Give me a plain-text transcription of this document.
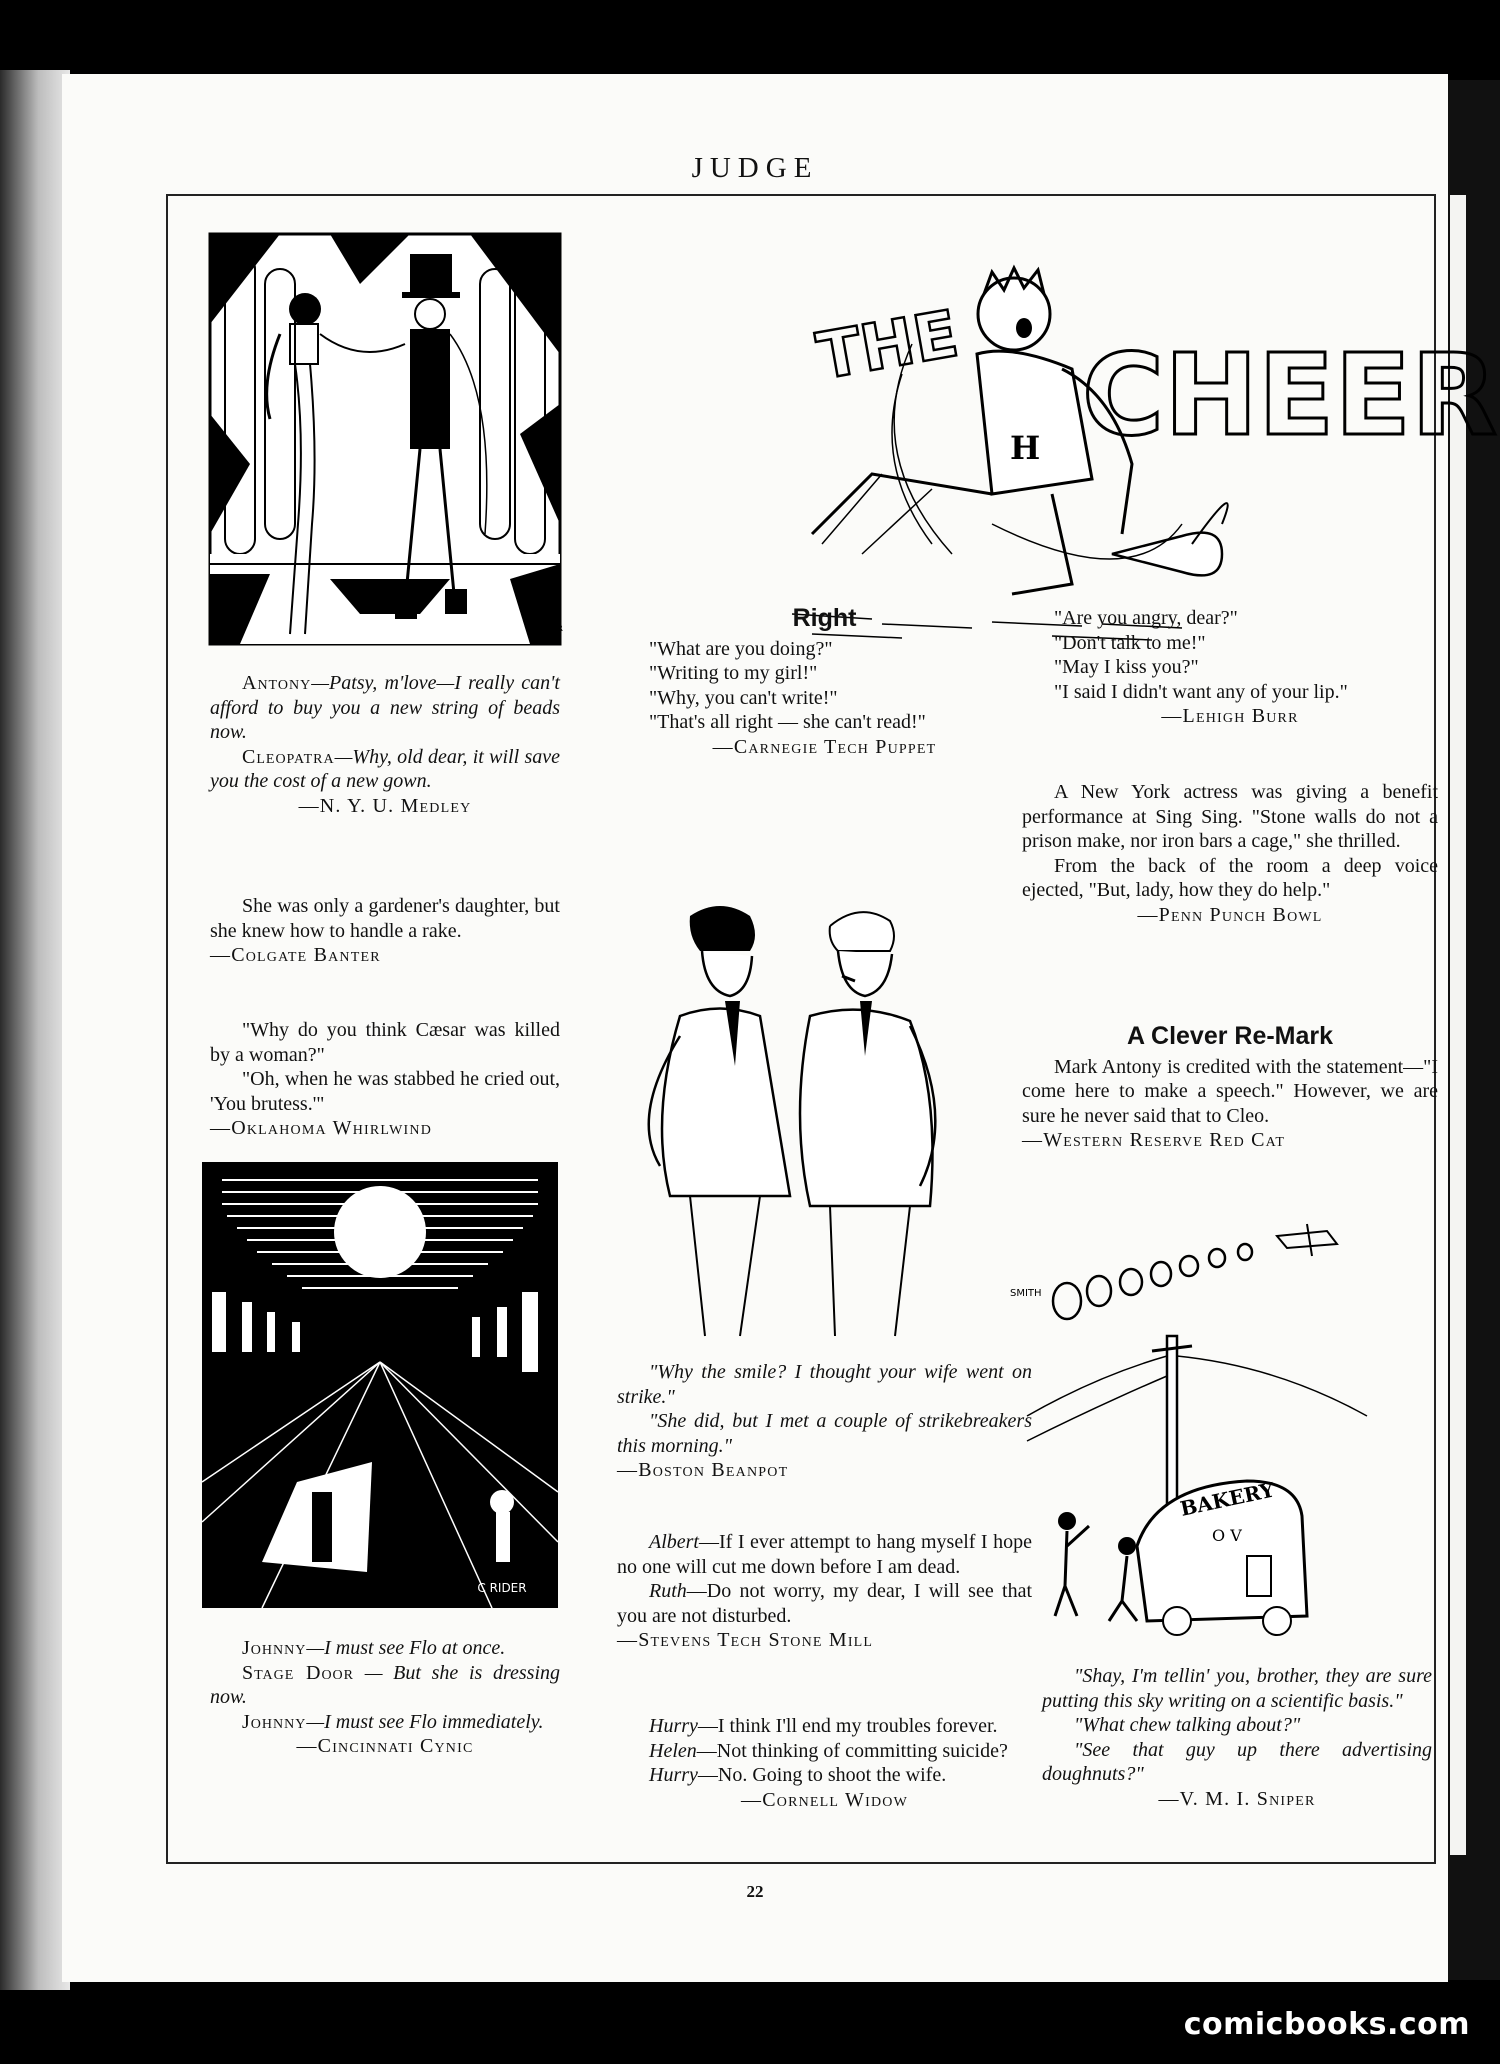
JUDGE
- BURR

Antony—Patsy, m'love—I really can't afford to buy you a new string of beads now.

Cleopatra—Why, old dear, it will save you the cost of a new gown.

—N. Y. U. Medley

She was only a gardener's daughter, but she knew how to handle a rake.

—Colgate Banter

"Why do you think Cæsar was killed by a woman?"

"Oh, when he was stabbed he cried out, 'You brutess.'"

—Oklahoma Whirlwind

C RIDER

Johnny—I must see Flo at once.

Stage Door — But she is dressing now.

Johnny—I must see Flo immediately.

—Cincinnati Cynic

THE CHEER
H
Right

"What are you doing?"

"Writing to my girl!"

"Why, you can't write!"

"That's all right — she can't read!"

—Carnegie Tech Puppet

SMITH

"Why the smile? I thought your wife went on strike."

"She did, but I met a couple of strikebreakers this morning."

—Boston Beanpot

Albert—If I ever attempt to hang myself I hope no one will cut me down before I am dead.

Ruth—Do not worry, my dear, I will see that you are not disturbed.

—Stevens Tech Stone Mill

Hurry—I think I'll end my troubles forever.

Helen—Not thinking of committing suicide?

Hurry—No. Going to shoot the wife.

—Cornell Widow

"Are you angry, dear?"

"Don't talk to me!"

"May I kiss you?"

"I said I didn't want any of your lip."

—Lehigh Burr

A New York actress was giving a benefit performance at Sing Sing. "Stone walls do not a prison make, nor iron bars a cage," she thrilled.

From the back of the room a deep voice ejected, "But, lady, how they do help."

—Penn Punch Bowl

A Clever Re-Mark

Mark Antony is credited with the statement—"I come here to make a speech." However, we are sure he never said that to Cleo.

—Western Reserve Red Cat

BAKERY
O V

"Shay, I'm tellin' you, brother, they are sure putting this sky writing on a scientific basis."

"What chew talking about?"

"See that guy up there advertising doughnuts?"

—V. M. I. Sniper

22
comicbooks.com
